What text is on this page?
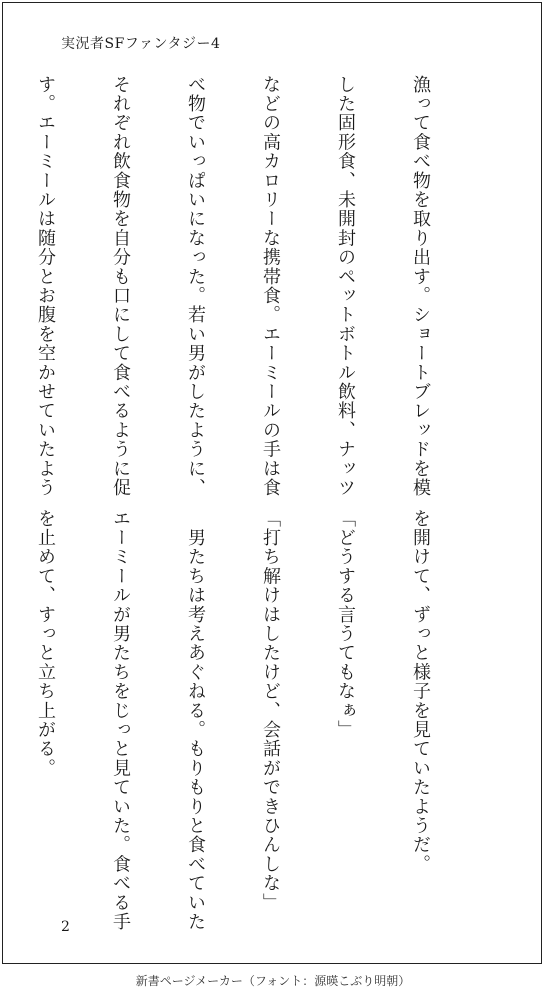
実況者SFファンタジー4

漁って食べ物を取り出す。ショートブレッドを模

した固形食、未開封のペットボトル飲料、ナッツ

などの高カロリーな携帯食。エーミールの手は食

べ物でいっぱいになった。若い男がしたように、

それぞれ飲食物を自分も口にして食べるように促

す。エーミールは随分とお腹を空かせていたよう

を開けて、ずっと様子を見ていたようだ。

「どうする言うてもなぁ」

「打ち解けはしたけど、会話ができひんしな」

　男たちは考えあぐねる。もりもりと食べていた

エーミールが男たちをじっと見ていた。食べる手

を止めて、すっと立ち上がる。

2
新書ページメーカー（フォント：源暎こぶり明朝）
